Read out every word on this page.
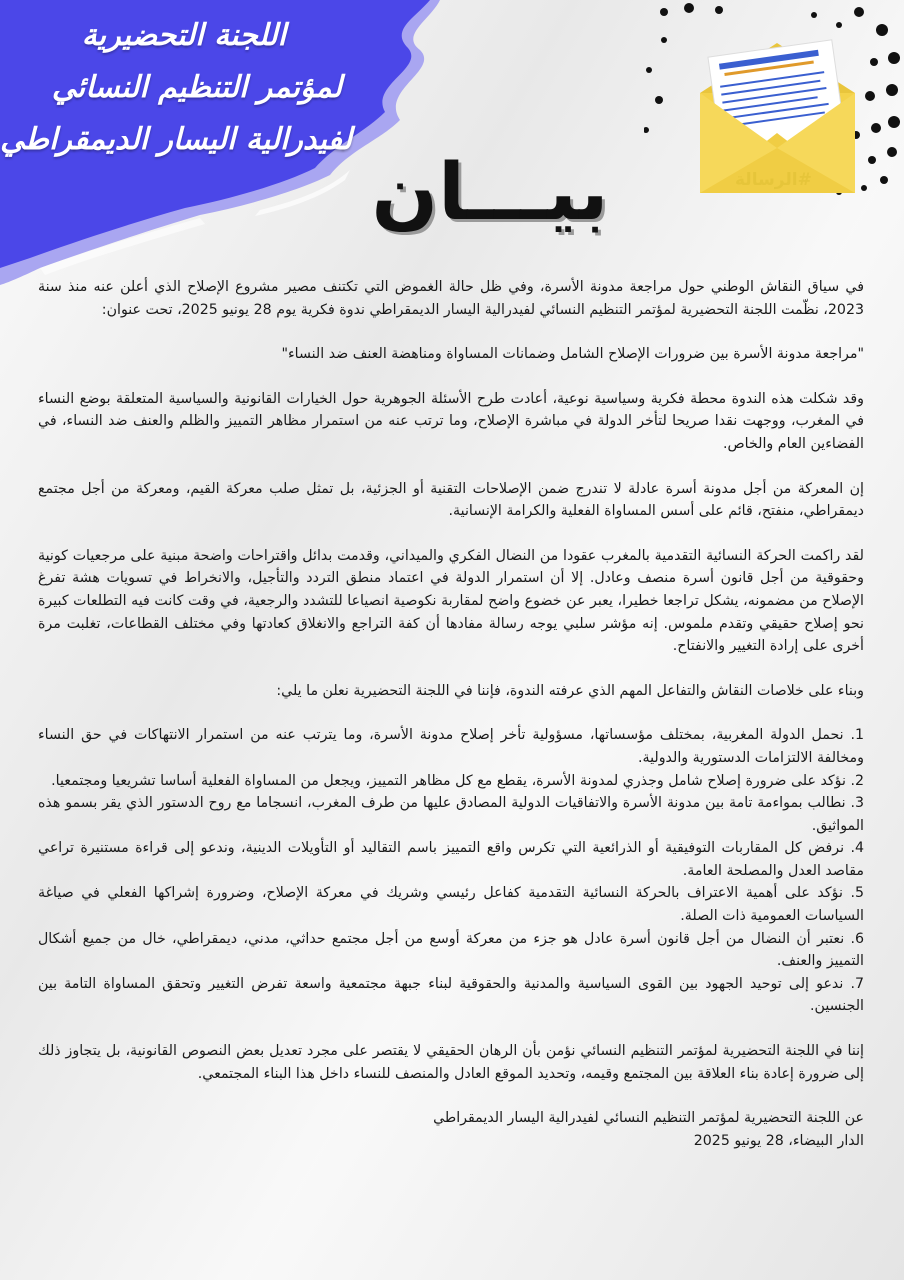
اللجنة التحضيرية
لمؤتمر التنظيم النسائي
لفيدرالية اليسار الديمقراطي
#الرسالة
بيـــان

في سياق النقاش الوطني حول مراجعة مدونة الأسرة، وفي ظل حالة الغموض التي تكتنف مصير مشروع الإصلاح الذي أعلن عنه منذ سنة 2023، نظّمت اللجنة التحضيرية لمؤتمر التنظيم النسائي لفيدرالية اليسار الديمقراطي ندوة فكرية يوم 28 يونيو 2025، تحت عنوان:

"مراجعة مدونة الأسرة بين ضرورات الإصلاح الشامل وضمانات المساواة ومناهضة العنف ضد النساء"

وقد شكلت هذه الندوة محطة فكرية وسياسية نوعية، أعادت طرح الأسئلة الجوهرية حول الخيارات القانونية والسياسية المتعلقة بوضع النساء في المغرب، ووجهت نقدا صريحا لتأخر الدولة في مباشرة الإصلاح، وما ترتب عنه من استمرار مظاهر التمييز والظلم والعنف ضد النساء، في الفضاءين العام والخاص.

إن المعركة من أجل مدونة أسرة عادلة لا تندرج ضمن الإصلاحات التقنية أو الجزئية، بل تمثل صلب معركة القيم، ومعركة من أجل مجتمع ديمقراطي، منفتح، قائم على أسس المساواة الفعلية والكرامة الإنسانية.

لقد راكمت الحركة النسائية التقدمية بالمغرب عقودا من النضال الفكري والميداني، وقدمت بدائل واقتراحات واضحة مبنية على مرجعيات كونية وحقوقية من أجل قانون أسرة منصف وعادل. إلا أن استمرار الدولة في اعتماد منطق التردد والتأجيل، والانخراط في تسويات هشة تفرغ الإصلاح من مضمونه، يشكل تراجعا خطيرا، يعبر عن خضوع واضح لمقاربة نكوصية انصياعا للتشدد والرجعية، في وقت كانت فيه التطلعات كبيرة نحو إصلاح حقيقي وتقدم ملموس. إنه مؤشر سلبي يوجه رسالة مفادها أن كفة التراجع والانغلاق كعادتها وفي مختلف القطاعات، تغلبت مرة أخرى على إرادة التغيير والانفتاح.

وبناء على خلاصات النقاش والتفاعل المهم الذي عرفته الندوة، فإننا في اللجنة التحضيرية نعلن ما يلي:

1. نحمل الدولة المغربية، بمختلف مؤسساتها، مسؤولية تأخر إصلاح مدونة الأسرة، وما يترتب عنه من استمرار الانتهاكات في حق النساء ومخالفة الالتزامات الدستورية والدولية.

2. نؤكد على ضرورة إصلاح شامل وجذري لمدونة الأسرة، يقطع مع كل مظاهر التمييز، ويجعل من المساواة الفعلية أساسا تشريعيا ومجتمعيا.

3. نطالب بمواءمة تامة بين مدونة الأسرة والاتفاقيات الدولية المصادق عليها من طرف المغرب، انسجاما مع روح الدستور الذي يقر بسمو هذه المواثيق.

4. نرفض كل المقاربات التوفيقية أو الذرائعية التي تكرس واقع التمييز باسم التقاليد أو التأويلات الدينية، وندعو إلى قراءة مستنيرة تراعي مقاصد العدل والمصلحة العامة.

5. نؤكد على أهمية الاعتراف بالحركة النسائية التقدمية كفاعل رئيسي وشريك في معركة الإصلاح، وضرورة إشراكها الفعلي في صياغة السياسات العمومية ذات الصلة.

6. نعتبر أن النضال من أجل قانون أسرة عادل هو جزء من معركة أوسع من أجل مجتمع حداثي، مدني، ديمقراطي، خال من جميع أشكال التمييز والعنف.

7. ندعو إلى توحيد الجهود بين القوى السياسية والمدنية والحقوقية لبناء جبهة مجتمعية واسعة تفرض التغيير وتحقق المساواة التامة بين الجنسين.

إننا في اللجنة التحضيرية لمؤتمر التنظيم النسائي نؤمن بأن الرهان الحقيقي لا يقتصر على مجرد تعديل بعض النصوص القانونية، بل يتجاوز ذلك إلى ضرورة إعادة بناء العلاقة بين المجتمع وقيمه، وتحديد الموقع العادل والمنصف للنساء داخل هذا البناء المجتمعي.

عن اللجنة التحضيرية لمؤتمر التنظيم النسائي لفيدرالية اليسار الديمقراطي

الدار البيضاء، 28 يونيو 2025
